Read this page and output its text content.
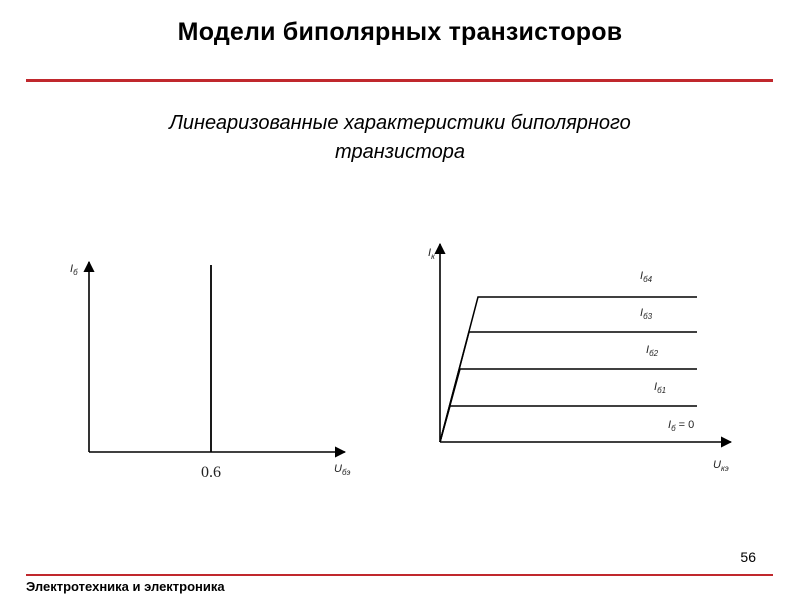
Модели биполярных транзисторов
Линеаризованные характеристики биполярного
транзистора
Iб
Uбэ
0.6
Iк
Uкэ
Iб4
Iб3
Iб2
Iб1
Iб = 0
56
Электротехника и электроника
